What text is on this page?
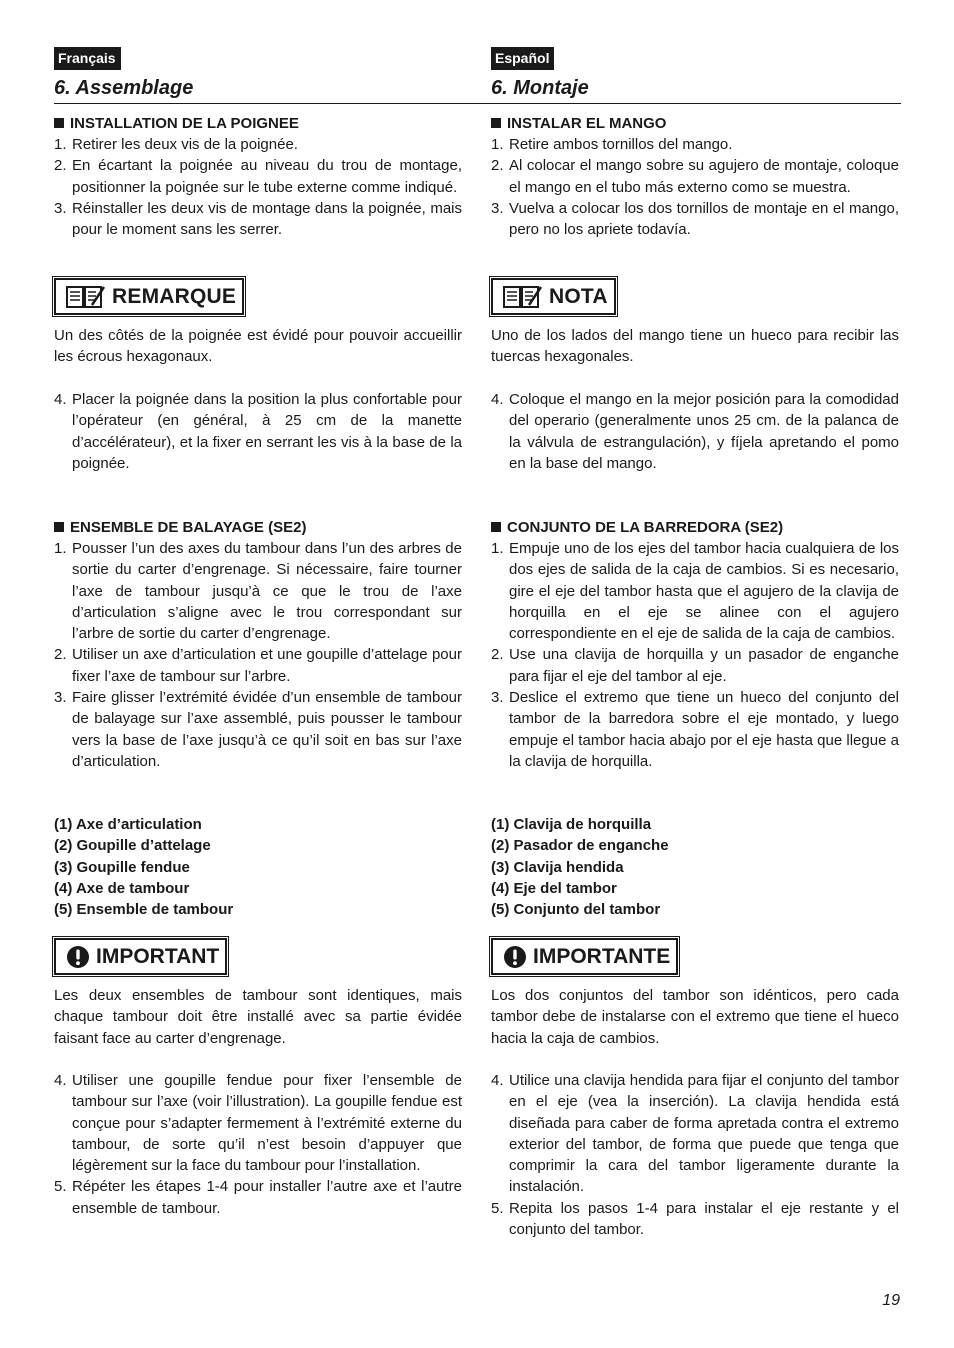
Français
6. Assemblage
Español
6. Montaje
INSTALLATION DE LA POIGNEE
1. Retirer les deux vis de la poignée.
2. En écartant la poignée au niveau du trou de montage, positionner la poignée sur le tube externe comme indiqué.
3. Réinstaller les deux vis de montage dans la poignée, mais pour le moment sans les serrer.
REMARQUE

Un des côtés de la poignée est évidé pour pouvoir accueillir les écrous hexagonaux.

4. Placer la poignée dans la position la plus confortable pour l’opérateur (en général, à 25 cm de la manette d’accélérateur), et la fixer en serrant les vis à la base de la poignée.
ENSEMBLE DE BALAYAGE (SE2)
1. Pousser l’un des axes du tambour dans l’un des arbres de sortie du carter d’engrenage. Si nécessaire, faire tourner l’axe de tambour jusqu’à ce que le trou de l’axe d’articulation s’aligne avec le trou correspondant sur l’arbre de sortie du carter d’engrenage.
2. Utiliser un axe d’articulation et une goupille d’attelage pour fixer l’axe de tambour sur l’arbre.
3. Faire glisser l’extrémité évidée d’un ensemble de tambour de balayage sur l’axe assemblé, puis pousser le tambour vers la base de l’axe jusqu’à ce qu’il soit en bas sur l’axe d’articulation.
(1) Axe d’articulation
(2) Goupille d’attelage
(3) Goupille fendue
(4) Axe de tambour
(5) Ensemble de tambour
IMPORTANT

Les deux ensembles de tambour sont identiques, mais chaque tambour doit être installé avec sa partie évidée faisant face au carter d’engrenage.

4. Utiliser une goupille fendue pour fixer l’ensemble de tambour sur l’axe (voir l’illustration). La goupille fendue est conçue pour s’adapter fermement à l’extrémité externe du tambour, de sorte qu’il n’est besoin d’appuyer que légèrement sur la face du tambour pour l’installation.
5. Répéter les étapes 1-4 pour installer l’autre axe et l’autre ensemble de tambour.
INSTALAR EL MANGO
1. Retire ambos tornillos del mango.
2. Al colocar el mango sobre su agujero de montaje, coloque el mango en el tubo más externo como se muestra.
3. Vuelva a colocar los dos tornillos de montaje en el mango, pero no los apriete todavía.
NOTA

Uno de los lados del mango tiene un hueco para recibir las tuercas hexagonales.

4. Coloque el mango en la mejor posición para la comodidad del operario (generalmente unos 25 cm. de la palanca de la válvula de estrangulación), y fíjela apretando el pomo en la base del mango.
CONJUNTO DE LA BARREDORA (SE2)
1. Empuje uno de los ejes del tambor hacia cualquiera de los dos ejes de salida de la caja de cambios. Si es necesario, gire el eje del tambor hasta que el agujero de la clavija de horquilla en el eje se alinee con el agujero correspondiente en el eje de salida de la caja de cambios.
2. Use una clavija de horquilla y un pasador de enganche para fijar el eje del tambor al eje.
3. Deslice el extremo que tiene un hueco del conjunto del tambor de la barredora sobre el eje montado, y luego empuje el tambor hacia abajo por el eje hasta que llegue a la clavija de horquilla.
(1) Clavija de horquilla
(2) Pasador de enganche
(3) Clavija hendida
(4) Eje del tambor
(5) Conjunto del tambor
IMPORTANTE

Los dos conjuntos del tambor son idénticos, pero cada tambor debe de instalarse con el extremo que tiene el hueco hacia la caja de cambios.

4. Utilice una clavija hendida para fijar el conjunto del tambor en el eje (vea la inserción). La clavija hendida está diseñada para caber de forma apretada contra el extremo exterior del tambor, de forma que puede que tenga que comprimir la cara del tambor ligeramente durante la instalación.
5. Repita los pasos 1-4 para instalar el eje restante y el conjunto del tambor.
19
